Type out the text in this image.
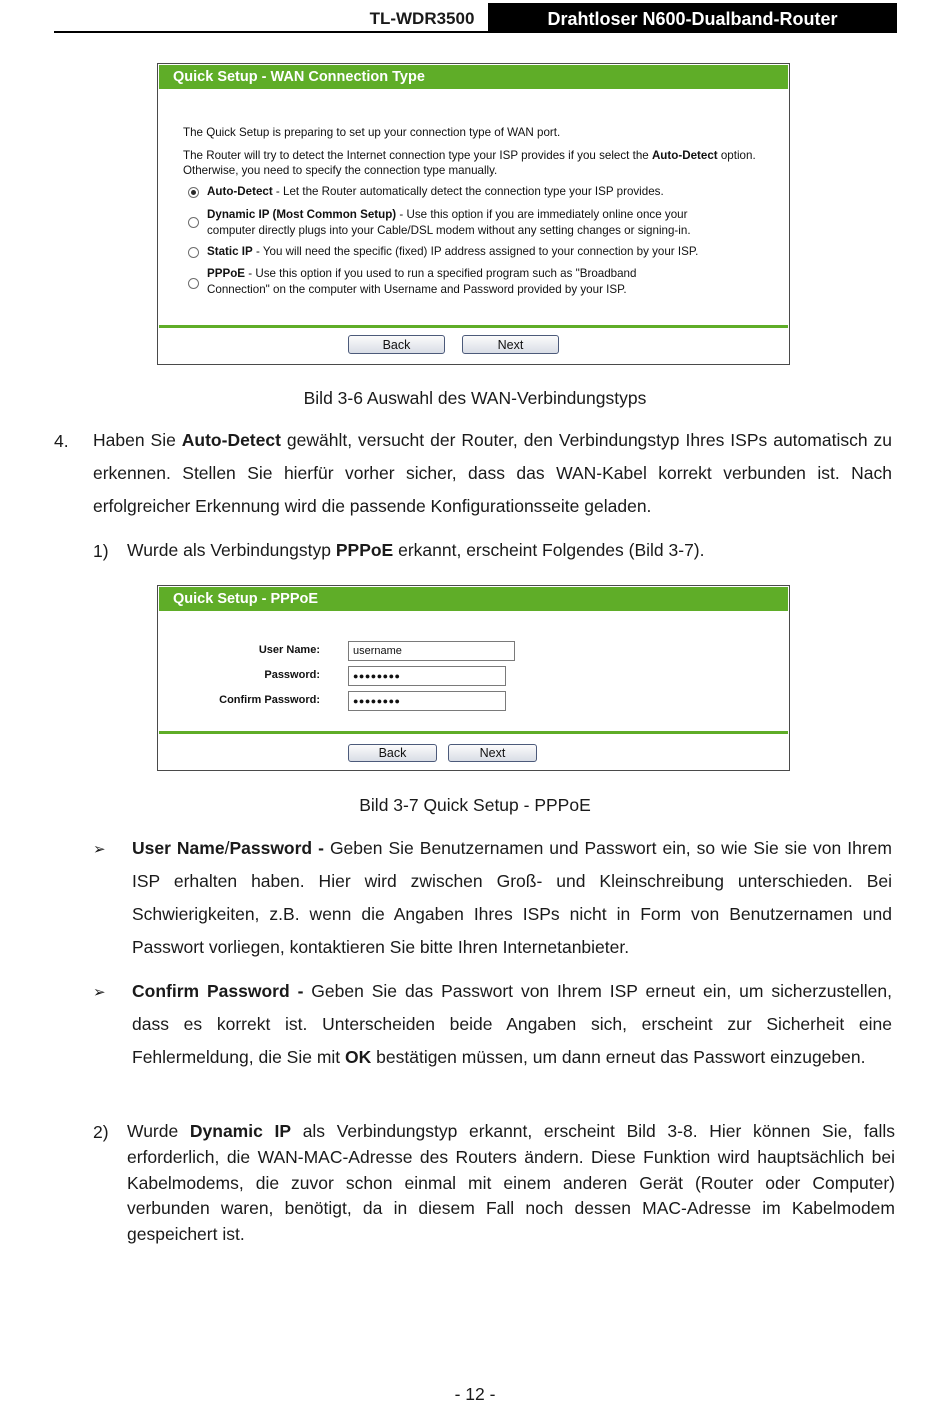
TL-WDR3500	Drahtloser N600-Dualband-Router
Quick Setup - WAN Connection Type
The Quick Setup is preparing to set up your connection type of WAN port.
The Router will try to detect the Internet connection type your ISP provides if you select the Auto-Detect option.
Otherwise, you need to specify the connection type manually.
Auto-Detect - Let the Router automatically detect the connection type your ISP provides.
Dynamic IP (Most Common Setup) - Use this option if you are immediately online once your
computer directly plugs into your Cable/DSL modem without any setting changes or signing-in.
Static IP - You will need the specific (fixed) IP address assigned to your connection by your ISP.
PPPoE - Use this option if you used to run a specified program such as "Broadband
Connection" on the computer with Username and Password provided by your ISP.
Back	Next
Bild 3-6 Auswahl des WAN-Verbindungstyps
4. Haben Sie Auto-Detect gewählt, versucht der Router, den Verbindungstyp Ihres ISPs automatisch zu erkennen. Stellen Sie hierfür vorher sicher, dass das WAN-Kabel korrekt verbunden ist. Nach erfolgreicher Erkennung wird die passende Konfigurationsseite geladen.
1) Wurde als Verbindungstyp PPPoE erkannt, erscheint Folgendes (Bild 3-7).
Quick Setup - PPPoE
User Name:	username
Password:	●●●●●●●●
Confirm Password:	●●●●●●●●
Back	Next
Bild 3-7 Quick Setup - PPPoE
➢ User Name/Password - Geben Sie Benutzernamen und Passwort ein, so wie Sie sie von Ihrem ISP erhalten haben. Hier wird zwischen Groß- und Kleinschreibung unterschieden. Bei Schwierigkeiten, z.B. wenn die Angaben Ihres ISPs nicht in Form von Benutzernamen und Passwort vorliegen, kontaktieren Sie bitte Ihren Internetanbieter.
➢ Confirm Password - Geben Sie das Passwort von Ihrem ISP erneut ein, um sicherzustellen, dass es korrekt ist. Unterscheiden beide Angaben sich, erscheint zur Sicherheit eine Fehlermeldung, die Sie mit OK bestätigen müssen, um dann erneut das Passwort einzugeben.
2) Wurde Dynamic IP als Verbindungstyp erkannt, erscheint Bild 3-8. Hier können Sie, falls erforderlich, die WAN-MAC-Adresse des Routers ändern. Diese Funktion wird hauptsächlich bei Kabelmodems, die zuvor schon einmal mit einem anderen Gerät (Router oder Computer) verbunden waren, benötigt, da in diesem Fall noch dessen MAC-Adresse im Kabelmodem gespeichert ist.
- 12 -
